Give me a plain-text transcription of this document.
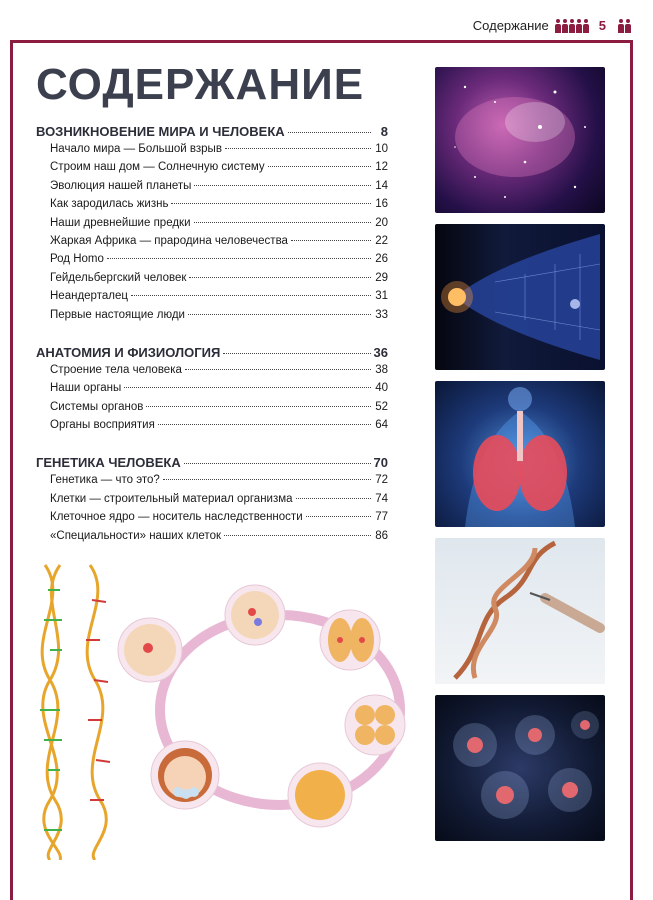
Содержание	5
СОДЕРЖАНИЕ
ВОЗНИКНОВЕНИЕ МИРА И ЧЕЛОВЕКА	8
Начало мира — Большой взрыв	10
Строим наш дом — Солнечную систему	12
Эволюция нашей планеты	14
Как зародилась жизнь	16
Наши древнейшие предки	20
Жаркая Африка — прародина человечества	22
Род Homo	26
Гейдельбергский человек	29
Неандерталец	31
Первые настоящие люди	33
АНАТОМИЯ И ФИЗИОЛОГИЯ	36
Строение тела человека	38
Наши органы	40
Системы органов	52
Органы восприятия	64
ГЕНЕТИКА ЧЕЛОВЕКА	70
Генетика — что это?	72
Клетки — строительный материал организма	74
Клеточное ядро — носитель наследственности	77
«Специальности» наших клеток	86
